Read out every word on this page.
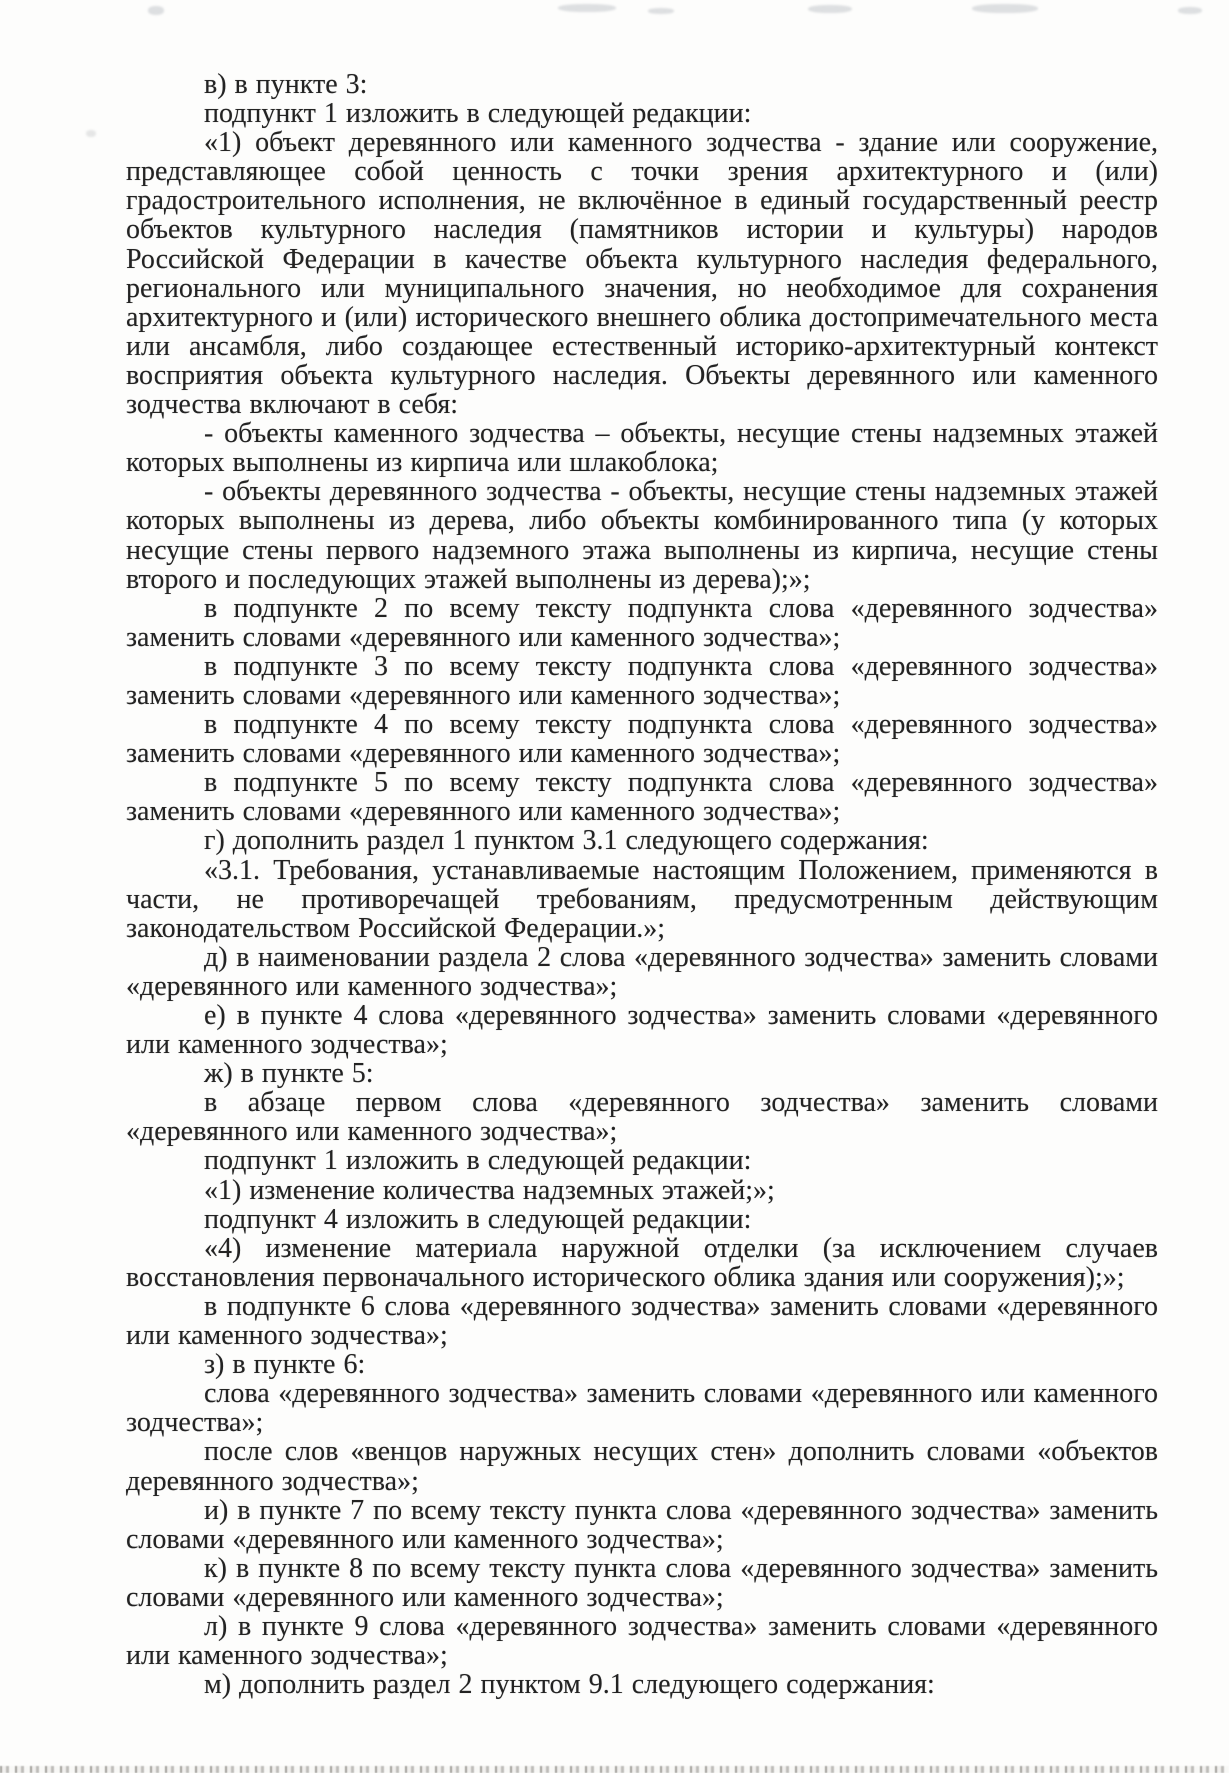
в) в пункте 3:

подпункт 1 изложить в следующей редакции:

«1) объект деревянного или каменного зодчества - здание или сооружение, представляющее собой ценность с точки зрения архитектурного и (или) градостроительного исполнения, не включённое в единый государственный реестр объектов культурного наследия (памятников истории и культуры) народов Российской Федерации в качестве объекта культурного наследия федерального, регионального или муниципального значения, но необходимое для сохранения архитектурного и (или) исторического внешнего облика достопримечательного места или ансамбля, либо создающее естественный историко-архитектурный контекст восприятия объекта культурного наследия. Объекты деревянного или каменного зодчества включают в себя:

- объекты каменного зодчества – объекты, несущие стены надземных этажей которых выполнены из кирпича или шлакоблока;

- объекты деревянного зодчества - объекты, несущие стены надземных этажей которых выполнены из дерева, либо объекты комбинированного типа (у которых несущие стены первого надземного этажа выполнены из кирпича, несущие стены второго и последующих этажей выполнены из дерева);»;

в подпункте 2 по всему тексту подпункта слова «деревянного зодчества» заменить словами «деревянного или каменного зодчества»;

в подпункте 3 по всему тексту подпункта слова «деревянного зодчества» заменить словами «деревянного или каменного зодчества»;

в подпункте 4 по всему тексту подпункта слова «деревянного зодчества» заменить словами «деревянного или каменного зодчества»;

в подпункте 5 по всему тексту подпункта слова «деревянного зодчества» заменить словами «деревянного или каменного зодчества»;

г) дополнить раздел 1 пунктом 3.1 следующего содержания:

«3.1. Требования, устанавливаемые настоящим Положением, применяются в части, не противоречащей требованиям, предусмотренным действующим законодательством Российской Федерации.»;

д) в наименовании раздела 2 слова «деревянного зодчества» заменить словами «деревянного или каменного зодчества»;

е) в пункте 4 слова «деревянного зодчества» заменить словами «деревянного или каменного зодчества»;

ж) в пункте 5:

в абзаце первом слова «деревянного зодчества» заменить словами «деревянного или каменного зодчества»;

подпункт 1 изложить в следующей редакции:

«1) изменение количества надземных этажей;»;

подпункт 4 изложить в следующей редакции:

«4) изменение материала наружной отделки (за исключением случаев восстановления первоначального исторического облика здания или сооружения);»;

в подпункте 6 слова «деревянного зодчества» заменить словами «деревянного или каменного зодчества»;

з) в пункте 6:

слова «деревянного зодчества» заменить словами «деревянного или каменного зодчества»;

после слов «венцов наружных несущих стен» дополнить словами «объектов деревянного зодчества»;

и) в пункте 7 по всему тексту пункта слова «деревянного зодчества» заменить словами «деревянного или каменного зодчества»;

к) в пункте 8 по всему тексту пункта слова «деревянного зодчества» заменить словами «деревянного или каменного зодчества»;

л) в пункте 9 слова «деревянного зодчества» заменить словами «деревянного или каменного зодчества»;

м) дополнить раздел 2 пунктом 9.1 следующего содержания:
